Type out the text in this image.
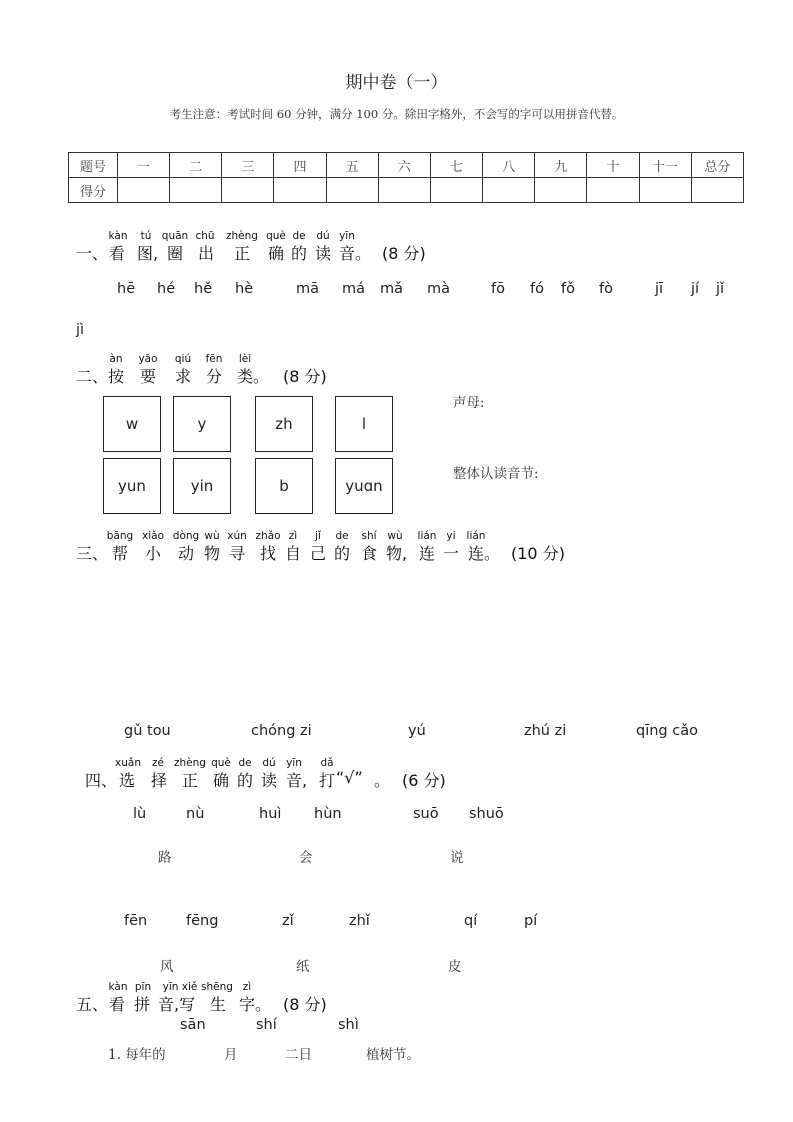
期中卷（一）
考生注意：考试时间 60 分钟，满分 100 分。除田字格外，不会写的字可以用拼音代替。
题号	一	二	三	四	五	六	七	八	九	十	十一	总分
得分												
一、
kàn	tú quān chū	zhèng què de	dú yīn
看 图, 圈 出 正 确 的 读 音。 (8 分)
hē hé hě hè	mā má mǎ mà	fō fó fǒ fò	jī jí jǐ
jì
二、
àn	yāo	qiú	fēn	lèi
按 要 求 分 类。 (8 分)
w	y	zh	l
yun	yin	b	yuɑn
声母:
整体认读音节:
三、
bāng xiǎo dòng wù xún zhǎo zì	jǐ	de	shí	wù	lián yi	lián
帮 小 动 物 寻 找 自 己 的 食 物, 连 一 连。 (10 分)
gǔ tou	chóng zi	yú	zhú zi	qīng cǎo
四、
xuǎn	zé zhèng què de	dú yīn	dǎ
选 择 正 确 的 读 音, 打 “√” 。 (6 分)
lù	nù	huì hùn	suō shuō
路	会	说
fēn	fēng	zǐ	zhǐ	qí	pí
风	纸	皮
五、
kàn pīn	yīn xiě shēng zì
看 拼 音,写 生 字。 (8 分)
sān	shí	shì
1. 每年的	月	二日	植树节。
